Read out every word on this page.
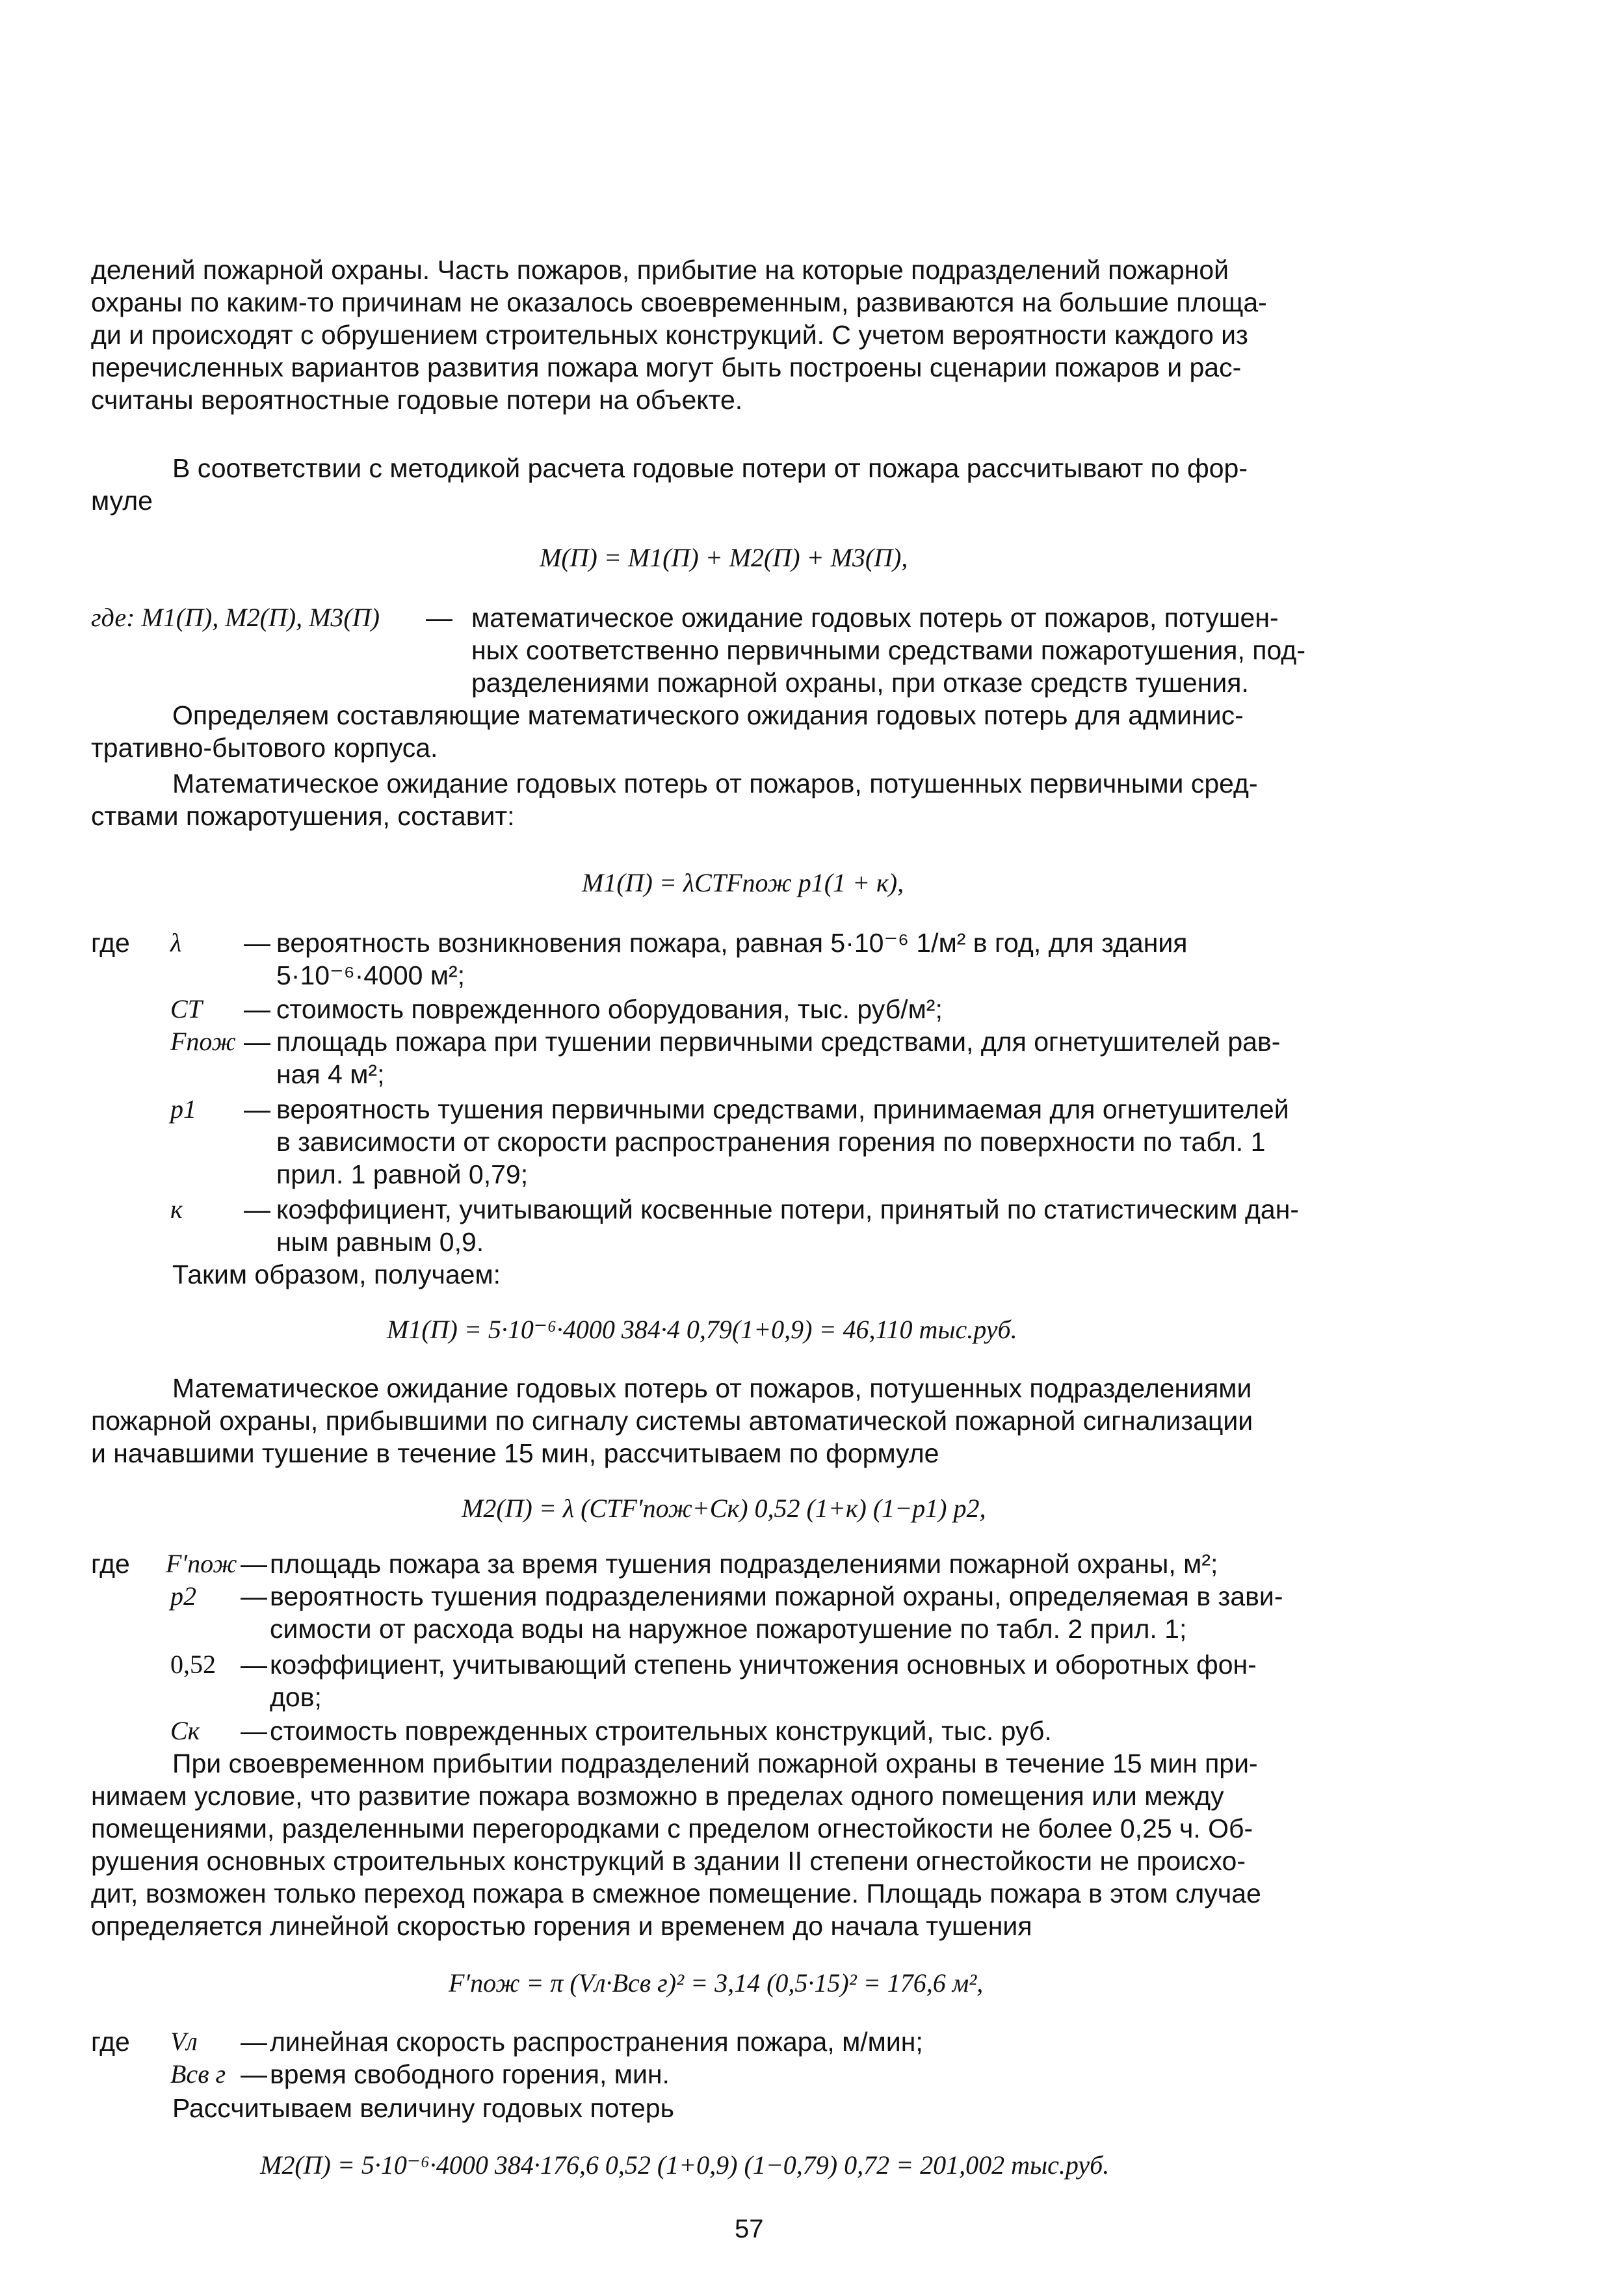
делений пожарной охраны. Часть пожаров, прибытие на которые подразделений пожарной
охраны по каким-то причинам не оказалось своевременным, развиваются на большие площа-
ди и происходят с обрушением строительных конструкций. С учетом вероятности каждого из
перечисленных вариантов развития пожара могут быть построены сценарии пожаров и рас-
считаны вероятностные годовые потери на объекте.
В соответствии с методикой расчета годовые потери от пожара рассчитывают по фор-
муле
M(П) = M1(П) + M2(П) + M3(П),
где: M1(П), M2(П), M3(П) — математическое ожидание годовых потерь от пожаров, потушен-
ных соответственно первичными средствами пожаротушения, под-
разделениями пожарной охраны, при отказе средств тушения.
Определяем составляющие математического ожидания годовых потерь для админис-
тративно-бытового корпуса.
Математическое ожидание годовых потерь от пожаров, потушенных первичными сред-
ствами пожаротушения, составит:
M1(П) = λCТFпож p1(1 + к),
где λ — вероятность возникновения пожара, равная 5·10⁻⁶ 1/м² в год, для здания
5·10⁻⁶·4000 м²;
CТ — стоимость поврежденного оборудования, тыс. руб/м²;
Fпож — площадь пожара при тушении первичными средствами, для огнетушителей рав-
ная 4 м²;
p1 — вероятность тушения первичными средствами, принимаемая для огнетушителей
в зависимости от скорости распространения горения по поверхности по табл. 1
прил. 1 равной 0,79;
к — коэффициент, учитывающий косвенные потери, принятый по статистическим дан-
ным равным 0,9.
Таким образом, получаем:
M1(П) = 5·10⁻⁶·4000 384·4 0,79(1+0,9) = 46,110 тыс.руб.
Математическое ожидание годовых потерь от пожаров, потушенных подразделениями
пожарной охраны, прибывшими по сигналу системы автоматической пожарной сигнализации
и начавшими тушение в течение 15 мин, рассчитываем по формуле
M2(П) = λ (CТF′пож+Cк) 0,52 (1+к) (1−p1) p2,
где F′пож — площадь пожара за время тушения подразделениями пожарной охраны, м²;
p2 — вероятность тушения подразделениями пожарной охраны, определяемая в зави-
симости от расхода воды на наружное пожаротушение по табл. 2 прил. 1;
0,52 — коэффициент, учитывающий степень уничтожения основных и оборотных фон-
дов;
Cк — стоимость поврежденных строительных конструкций, тыс. руб.
При своевременном прибытии подразделений пожарной охраны в течение 15 мин при-
нимаем условие, что развитие пожара возможно в пределах одного помещения или между
помещениями, разделенными перегородками с пределом огнестойкости не более 0,25 ч. Об-
рушения основных строительных конструкций в здании II степени огнестойкости не происхо-
дит, возможен только переход пожара в смежное помещение. Площадь пожара в этом случае
определяется линейной скоростью горения и временем до начала тушения
F′пож = π (Vл·Bсв г)² = 3,14 (0,5·15)² = 176,6 м²,
где Vл — линейная скорость распространения пожара, м/мин;
Bсв г — время свободного горения, мин.
Рассчитываем величину годовых потерь
M2(П) = 5·10⁻⁶·4000 384·176,6 0,52 (1+0,9) (1−0,79) 0,72 = 201,002 тыс.руб.
57
